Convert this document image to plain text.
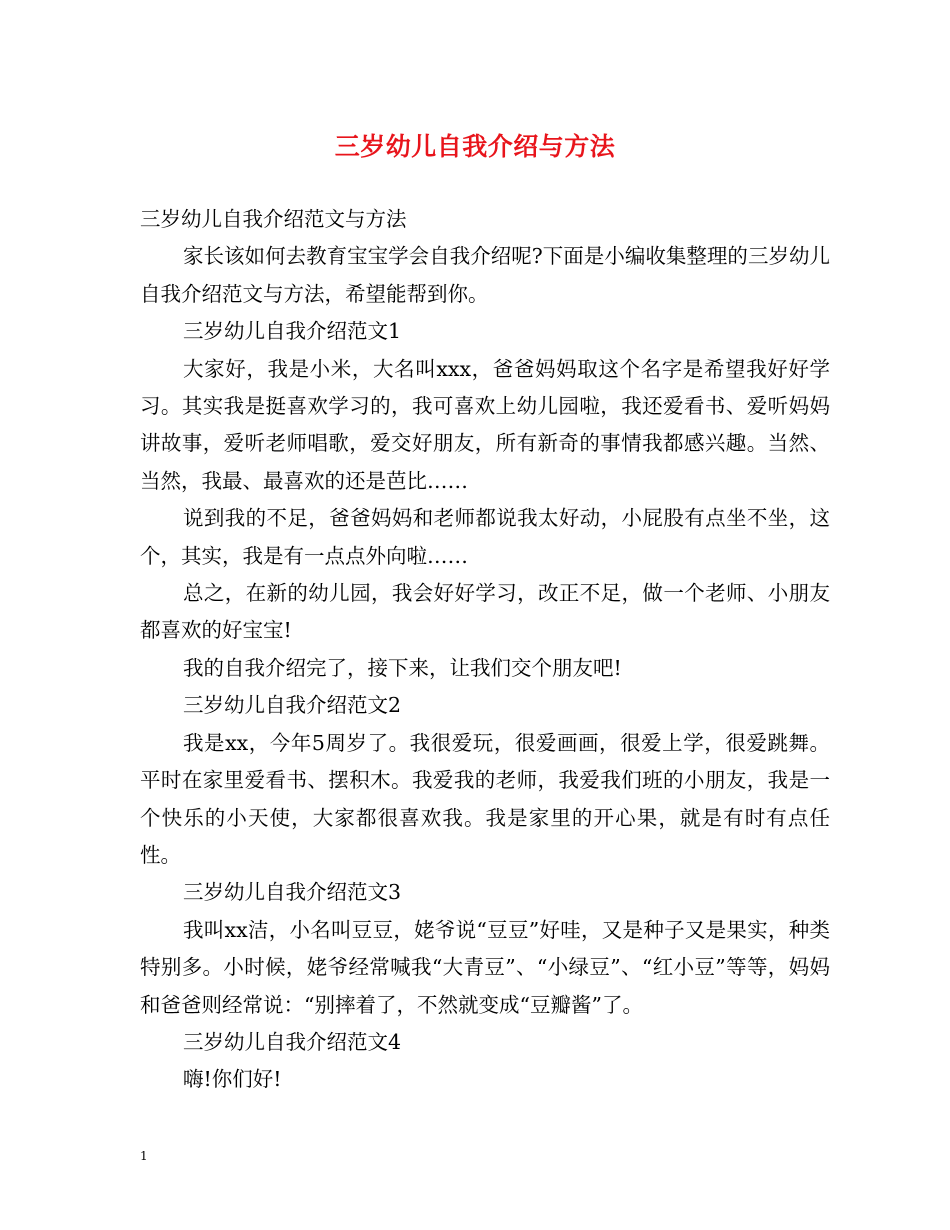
三岁幼儿自我介绍与方法

三岁幼儿自我介绍范文与方法

家长该如何去教育宝宝学会自我介绍呢?下面是小编收集整理的三岁幼儿自我介绍范文与方法，希望能帮到你。

三岁幼儿自我介绍范文1

大家好，我是小米，大名叫xxx，爸爸妈妈取这个名字是希望我好好学习。其实我是挺喜欢学习的，我可喜欢上幼儿园啦，我还爱看书、爱听妈妈讲故事，爱听老师唱歌，爱交好朋友，所有新奇的事情我都感兴趣。当然、当然，我最、最喜欢的还是芭比……

说到我的不足，爸爸妈妈和老师都说我太好动，小屁股有点坐不坐，这个，其实，我是有一点点外向啦……

总之，在新的幼儿园，我会好好学习，改正不足，做一个老师、小朋友都喜欢的好宝宝!

我的自我介绍完了，接下来，让我们交个朋友吧!

三岁幼儿自我介绍范文2

我是xx，今年5周岁了。我很爱玩，很爱画画，很爱上学，很爱跳舞。平时在家里爱看书、摆积木。我爱我的老师，我爱我们班的小朋友，我是一个快乐的小天使，大家都很喜欢我。我是家里的开心果，就是有时有点任性。

三岁幼儿自我介绍范文3

我叫xx洁，小名叫豆豆，姥爷说“豆豆”好哇，又是种子又是果实，种类特别多。小时候，姥爷经常喊我“大青豆”、“小绿豆”、“红小豆”等等，妈妈和爸爸则经常说：“别摔着了，不然就变成“豆瓣酱”了。

三岁幼儿自我介绍范文4

嗨!你们好!

1
